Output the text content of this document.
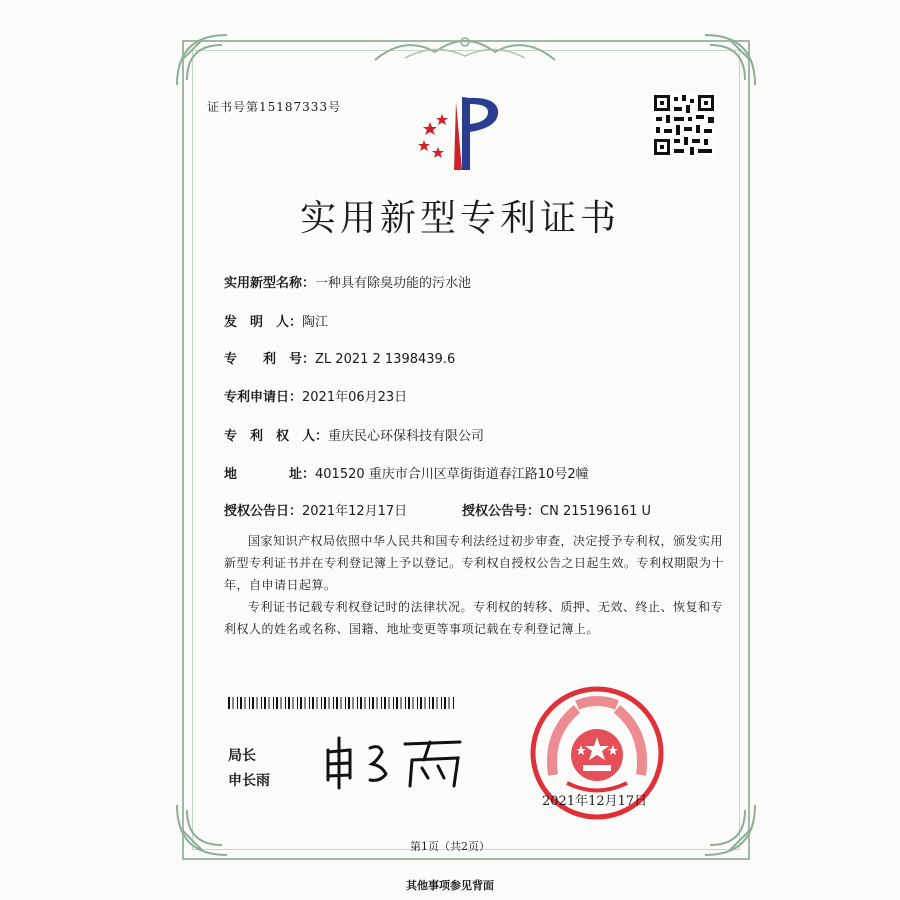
证书号第15187333号
实用新型专利证书
实用新型名称：一种具有除臭功能的污水池
发　明　人：陶江
专　　利　号：ZL 2021 2 1398439.6
专利申请日：2021年06月23日
专　利　权　人：重庆民心环保科技有限公司
地　　　　址：401520 重庆市合川区草街街道春江路10号2幢
授权公告日：2021年12月17日	授权公告号：CN 215196161 U

国家知识产权局依照中华人民共和国专利法经过初步审查，决定授予专利权，颁发实用新型专利证书并在专利登记簿上予以登记。专利权自授权公告之日起生效。专利权期限为十年，自申请日起算。

专利证书记载专利权登记时的法律状况。专利权的转移、质押、无效、终止、恢复和专利权人的姓名或名称、国籍、地址变更等事项记载在专利登记簿上。

局长
申长雨
2021年12月17日
第1页（共2页）
其他事项参见背面
